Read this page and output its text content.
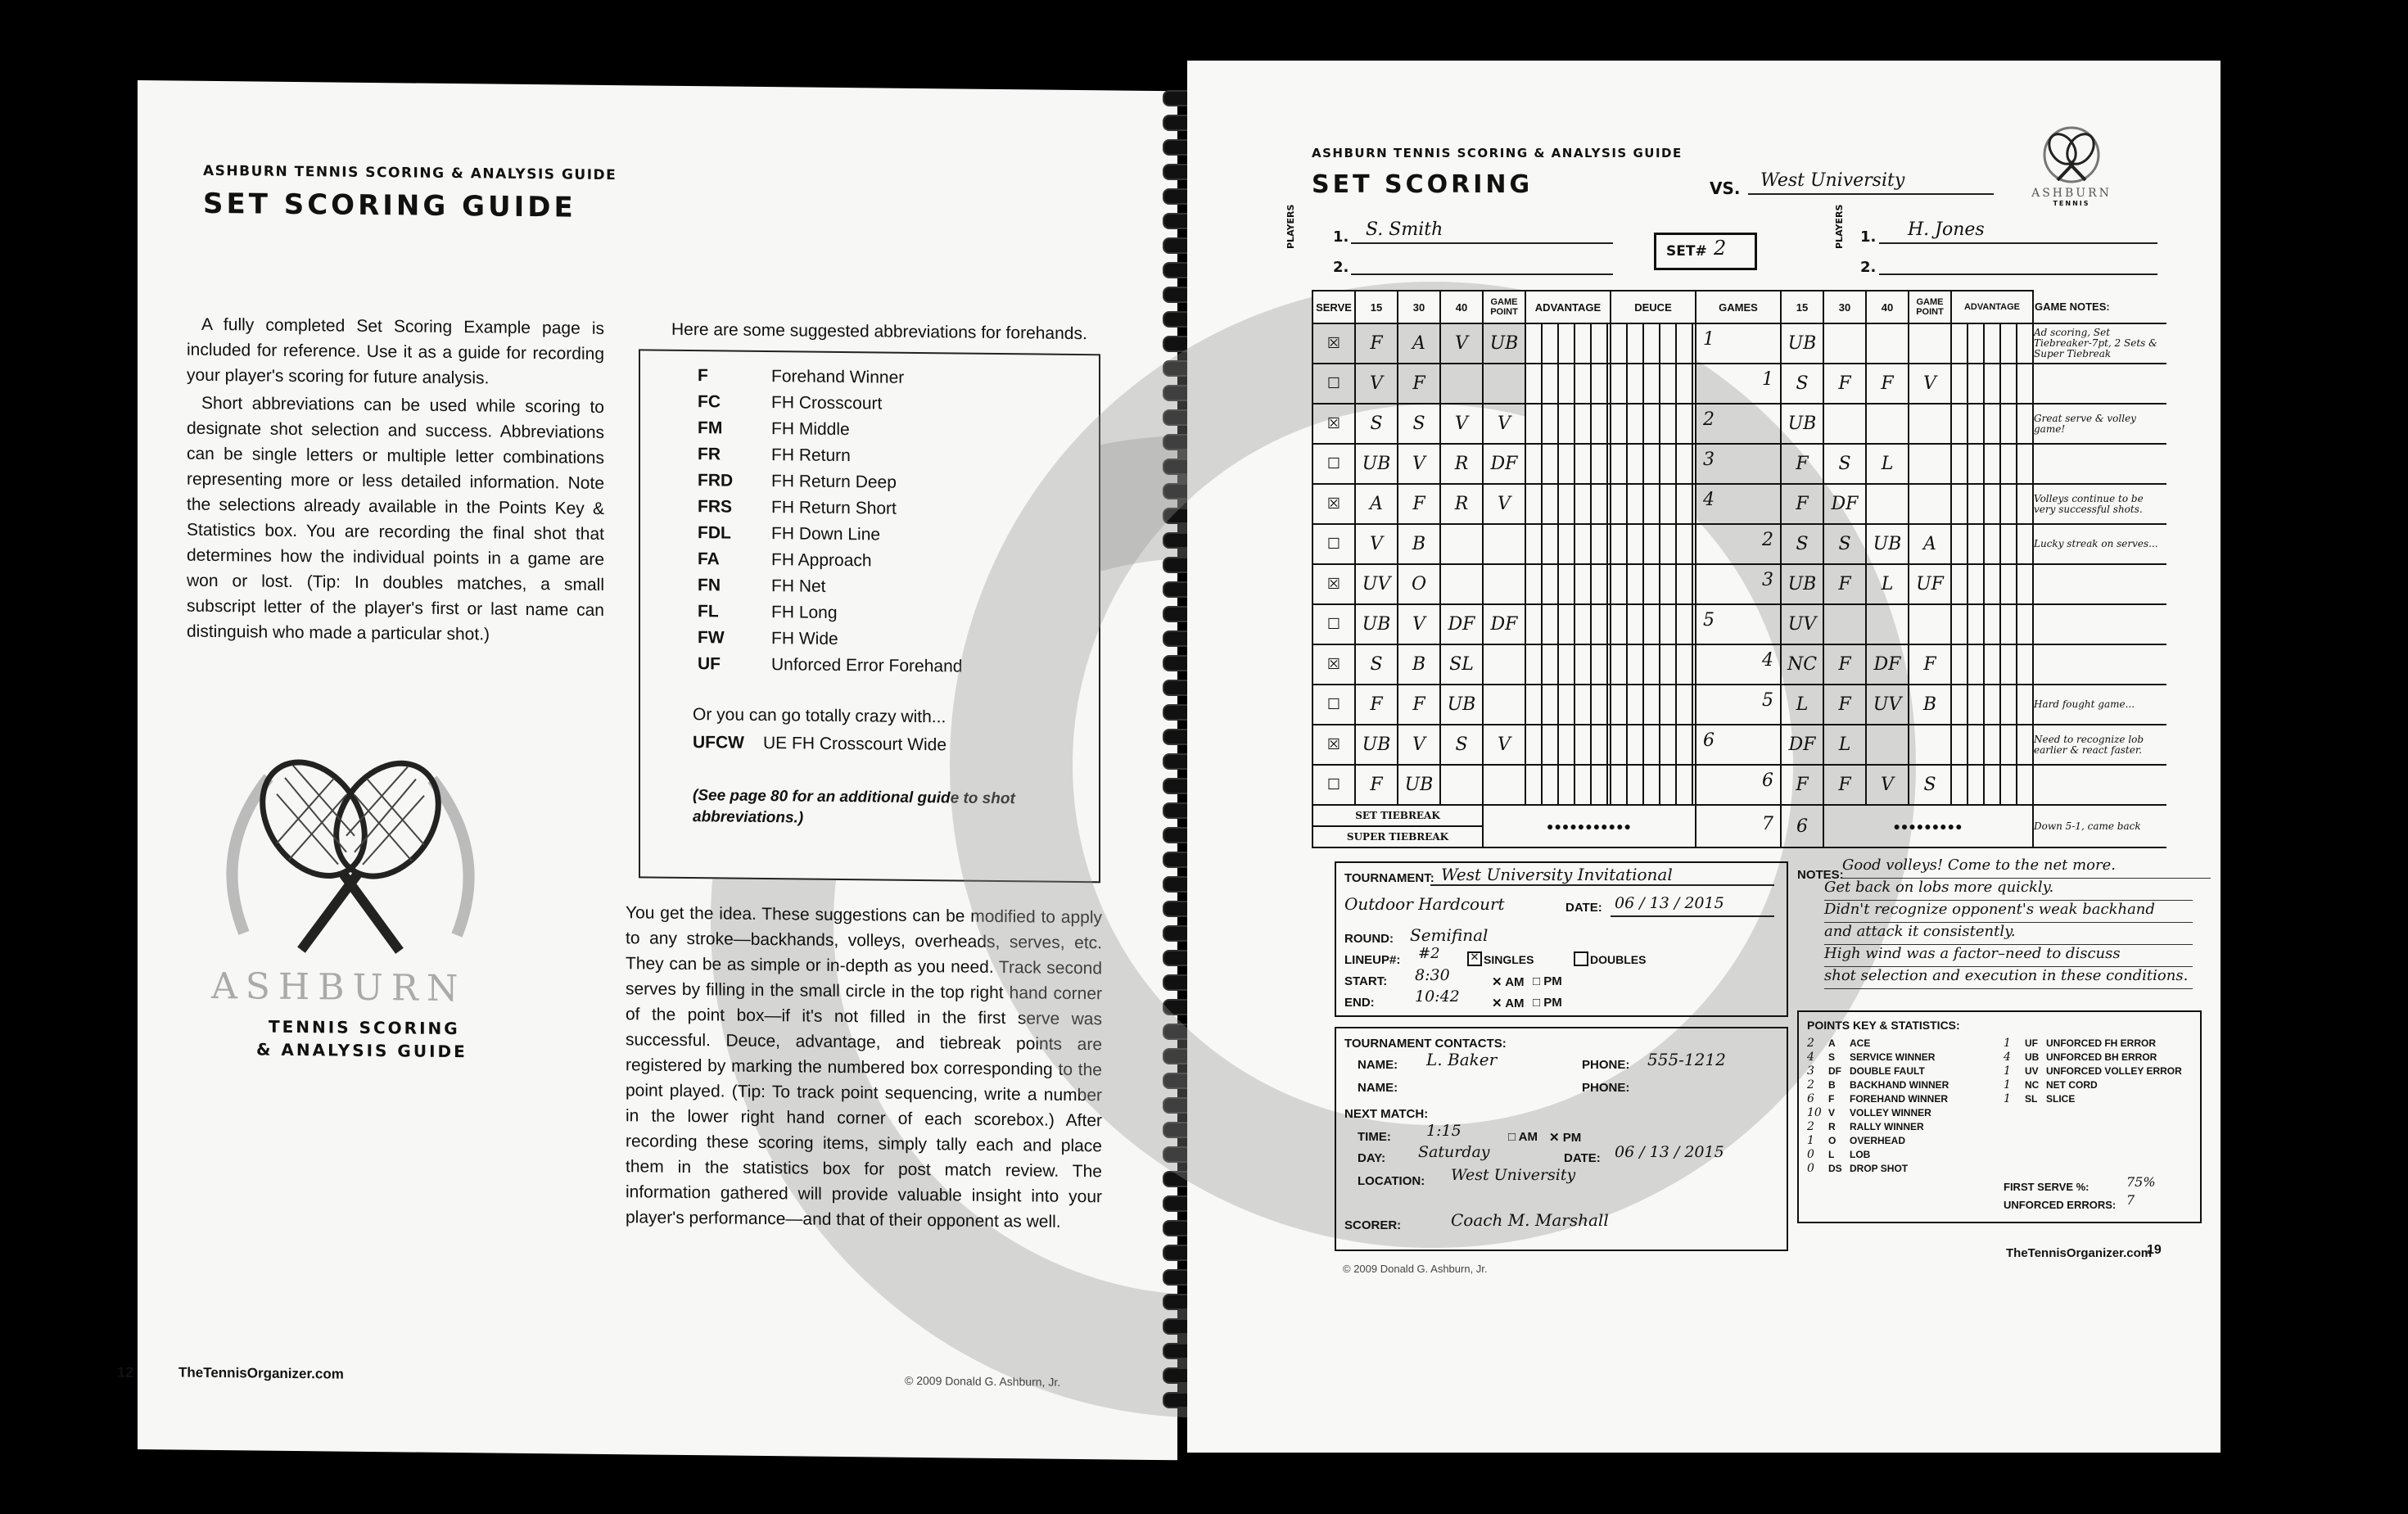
ASHBURN TENNIS SCORING & ANALYSIS GUIDE
SET SCORING GUIDE
A fully completed Set Scoring Example page is included for reference. Use it as a guide for recording your player's scoring for future analysis.
Short abbreviations can be used while scoring to designate shot selection and success. Abbreviations can be single letters or multiple letter combinations representing more or less detailed information. Note the selections already available in the Points Key & Statistics box. You are recording the final shot that determines how the individual points in a game are won or lost. (Tip: In doubles matches, a small subscript letter of the player's first or last name can distinguish who made a particular shot.)
Here are some suggested abbreviations for forehands.
F	Forehand Winner
FC	FH Crosscourt
FM	FH Middle
FR	FH Return
FRD	FH Return Deep
FRS	FH Return Short
FDL	FH Down Line
FA	FH Approach
FN	FH Net
FL	FH Long
FW	FH Wide
UF	Unforced Error Forehand
Or you can go totally crazy with...
UFCW	UE FH Crosscourt Wide
(See page 80 for an additional guide to shot abbreviations.)
You get the idea. These suggestions can be modified to apply to any stroke—backhands, volleys, overheads, serves, etc. They can be as simple or in-depth as you need. Track second serves by filling in the small circle in the top right hand corner of the point box—if it's not filled in the first serve was successful. Deuce, advantage, and tiebreak points are registered by marking the numbered box corresponding to the point played. (Tip: To track point sequencing, write a number in the lower right hand corner of each scorebox.) After recording these scoring items, simply tally each and place them in the statistics box for post match review. The information gathered will provide valuable insight into your player's performance—and that of their opponent as well.
ASHBURN
TENNIS SCORING
& ANALYSIS GUIDE
12	TheTennisOrganizer.com	© 2009 Donald G. Ashburn, Jr.
ASHBURN TENNIS SCORING & ANALYSIS GUIDE
SET SCORING	VS. West University
ASHBURN
TENNIS
PLAYERS	1. S. Smith
2.
SET# 2	PLAYERS 1. H. Jones
2.
SERVE	15	30	40	GAME POINT	ADVANTAGE	DEUCE	GAMES	15	30	40	GAME POINT	ADVANTAGE	GAME NOTES:
☒	F	A	V	UB			1	UB					Ad scoring, Set Tiebreaker-7pt, 2 Sets & Super Tiebreak
☐	V	F					1	S	F	F	V		
☒	S	S	V	V			2	UB					Great serve & volley game!
☐	UB	V	R	DF			3	F	S	L			
☒	A	F	R	V			4	F	DF				Volleys continue to be very successful shots.
☐	V	B					2	S	S	UB	A		Lucky streak on serves...
☒	UV	O					3	UB	F	L	UF		
☐	UB	V	DF	DF			5	UV					
☒	S	B	SL				4	NC	F	DF	F		
☐	F	F	UB				5	L	F	UV	B		Hard fought game...
☒	UB	V	S	V			6	DF	L				Need to recognize lob earlier & react faster.
☐	F	UB					6	F	F	V	S		
SET TIEBREAK				●●●●●●●●●●●			7	6	●●●●●●●●●				Down 5-1, came back
SUPER TIEBREAK													
TOURNAMENT: West University Invitational
Outdoor Hardcourt	DATE: 06 / 13 / 2015
ROUND: Semifinal
LINEUP#: #2	✕ SINGLES	DOUBLES
START: 8:30	✕ AM □ PM
END:	10:42	✕ AM □ PM
NOTES:
Good volleys! Come to the net more.
Get back on lobs more quickly.
Didn't recognize opponent's weak backhand
and attack it consistently.
High wind was a factor–need to discuss
shot selection and execution in these conditions.
TOURNAMENT CONTACTS:
NAME: L. Baker	PHONE: 555-1212
NAME:	PHONE:
NEXT MATCH:
TIME: 1:15	□ AM ✕ PM
DAY: Saturday	DATE: 06 / 13 / 2015
LOCATION: West University
SCORER:	Coach M. Marshall
POINTS KEY & STATISTICS:
2 A ACE
4 S SERVICE WINNER
3 DF DOUBLE FAULT
2 B BACKHAND WINNER
6 F FOREHAND WINNER
10 V VOLLEY WINNER
2 R RALLY WINNER
1 O OVERHEAD
0 L LOB
0 DS DROP SHOT
1 UF UNFORCED FH ERROR
4 UB UNFORCED BH ERROR
1 UV UNFORCED VOLLEY ERROR
1 NC NET CORD
1 SL SLICE
FIRST SERVE %:	75%
UNFORCED ERRORS: 7
© 2009 Donald G. Ashburn, Jr.
TheTennisOrganizer.com
19
